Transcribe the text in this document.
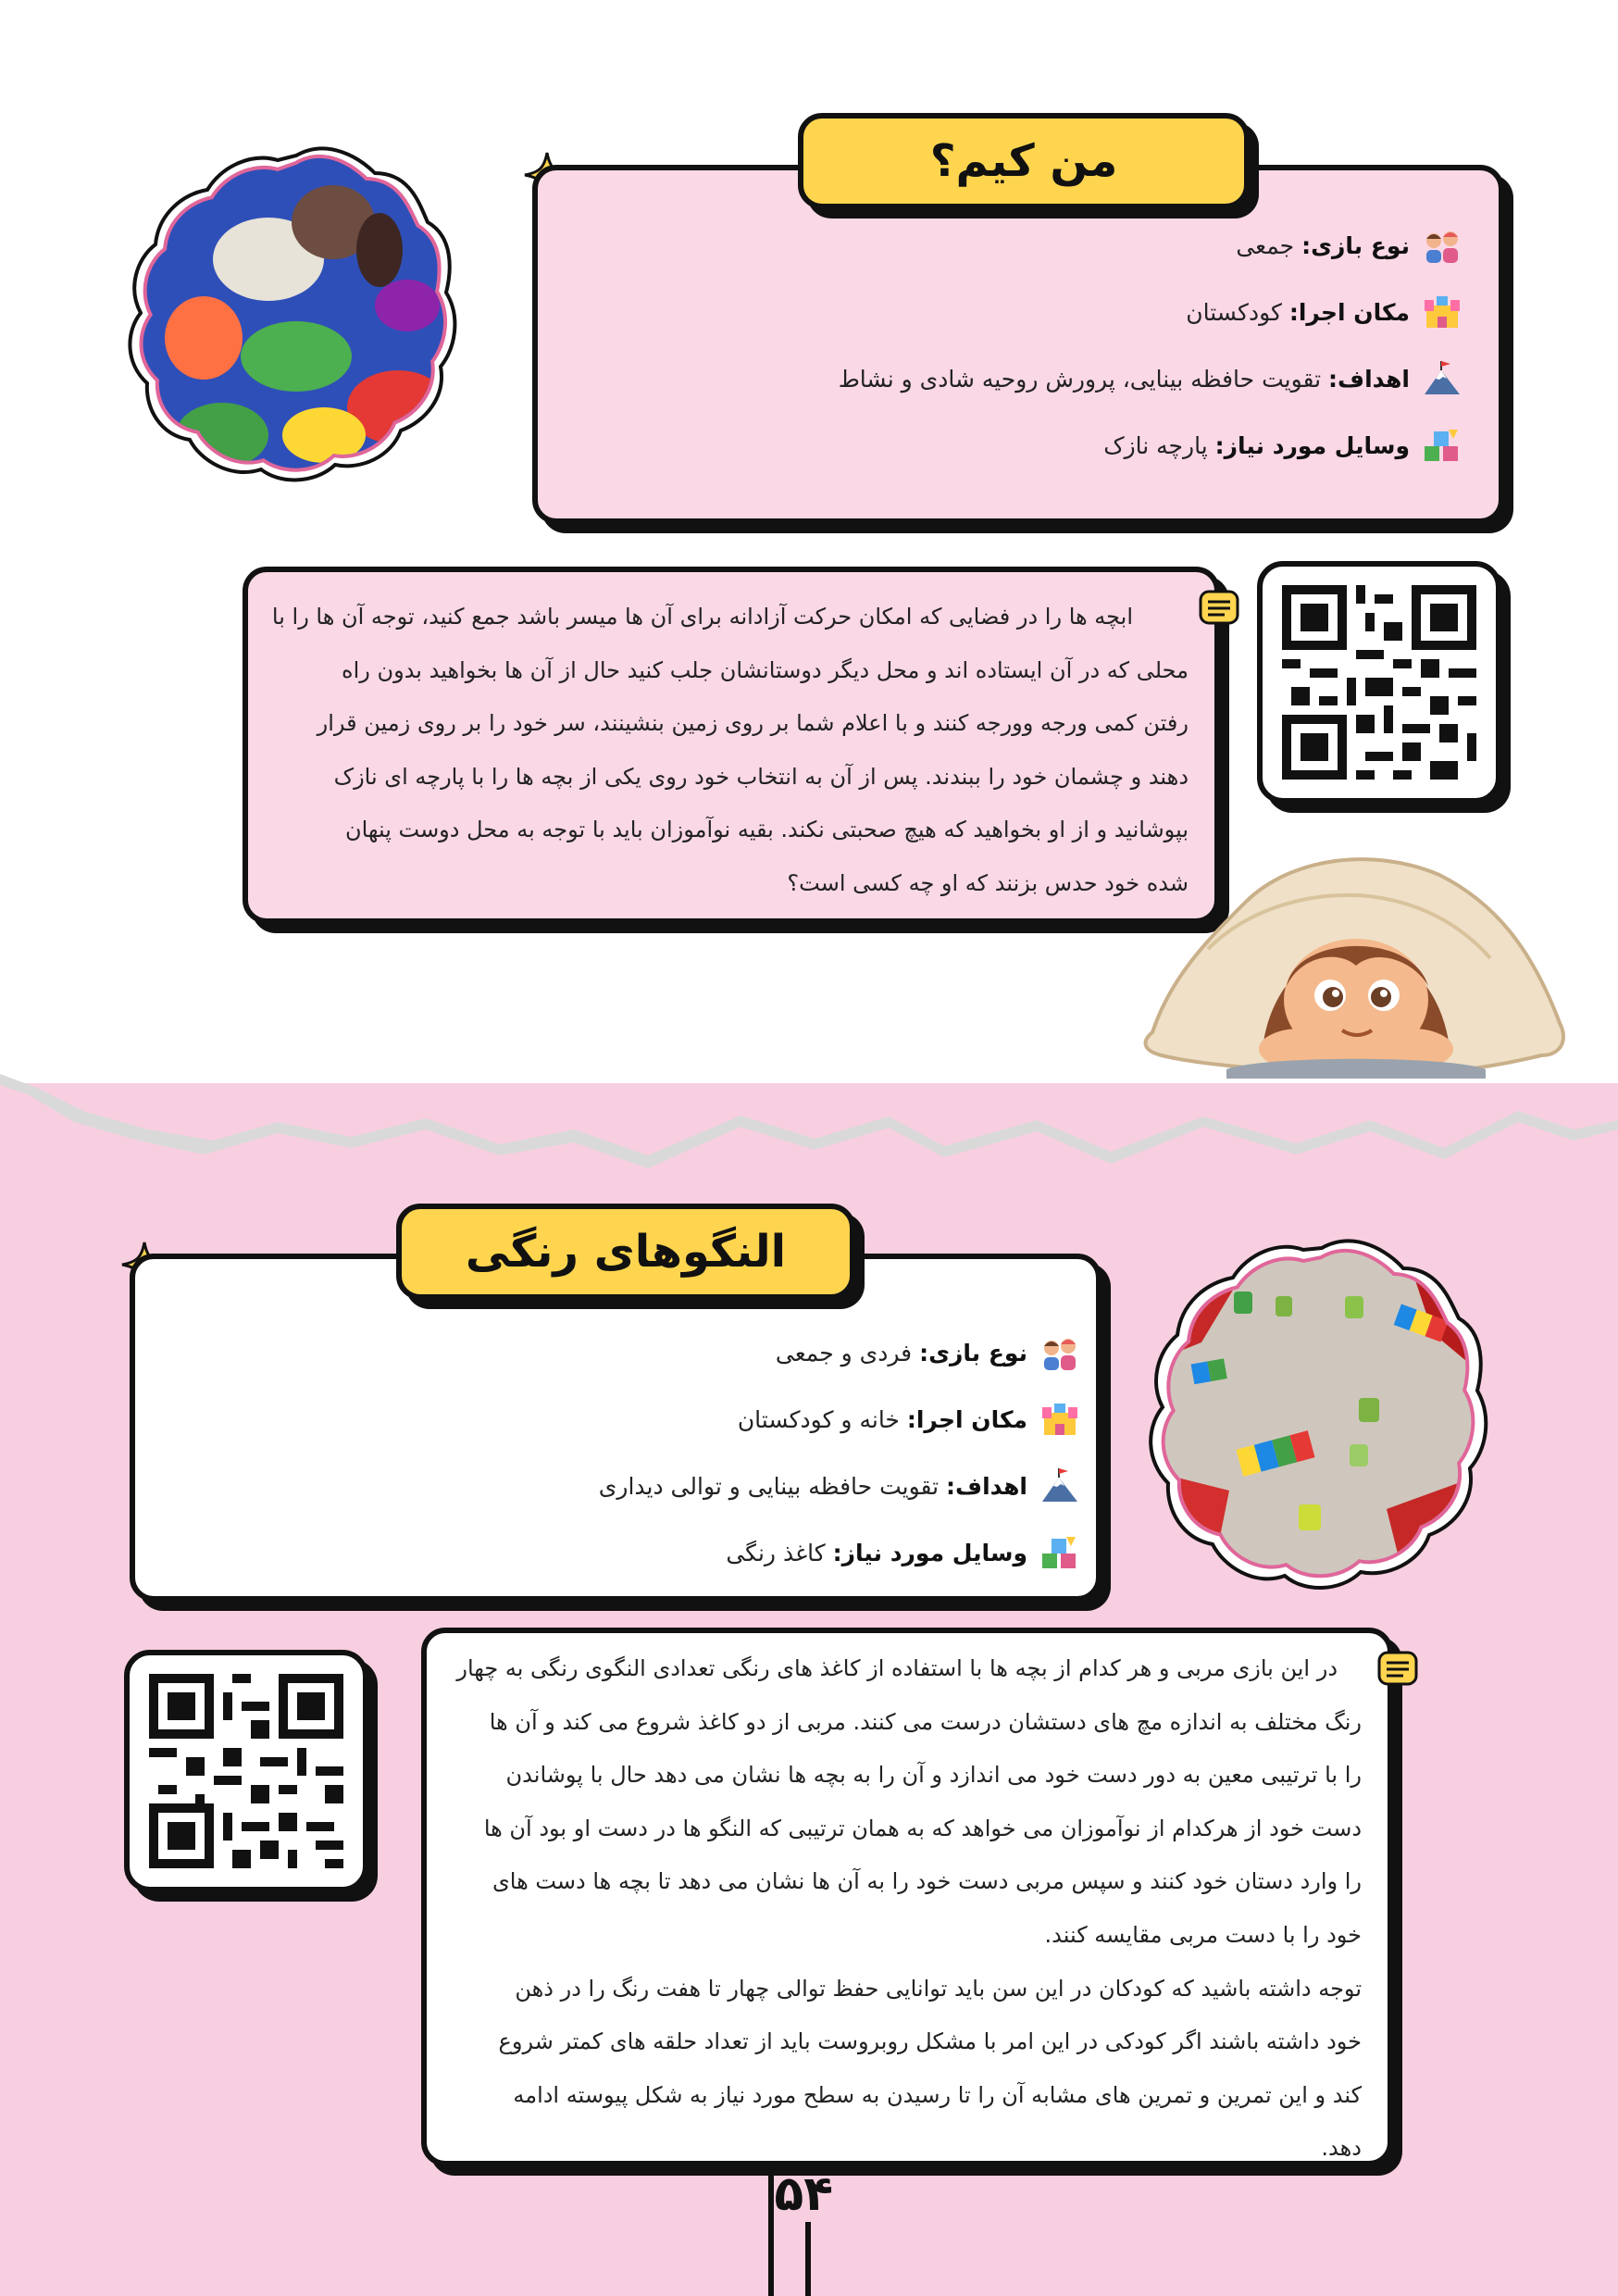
نوع بازی: جمعی
مکان اجرا: کودکستان
اهداف: تقویت حافظه بینایی، پرورش روحیه شادی و نشاط
وسایل مورد نیاز: پارچه نازک
من کیم؟
ابچه ها را در فضایی که امکان حرکت آزادانه برای آن ها میسر باشد جمع کنید، توجه آن ها را با
محلی که در آن ایستاده اند و محل دیگر دوستانشان جلب کنید حال از آن ها بخواهید بدون راه
رفتن کمی ورجه وورجه کنند و با اعلام شما بر روی زمین بنشینند، سر خود را بر روی زمین قرار
دهند و چشمان خود را ببندند. پس از آن به انتخاب خود روی یکی از بچه ها را با پارچه ای نازک
بپوشانید و از او بخواهید که هیچ صحبتی نکند. بقیه نوآموزان باید با توجه به محل دوست پنهان
شده خود حدس بزنند که او چه کسی است؟
نوع بازی: فردی و جمعی
مکان اجرا: خانه و کودکستان
اهداف: تقویت حافظه بینایی و توالی دیداری
وسایل مورد نیاز: کاغذ رنگی
النگوهای رنگی
در این بازی مربی و هر کدام از بچه ها با استفاده از کاغذ های رنگی تعدادی النگوی رنگی به چهار
رنگ مختلف به اندازه مچ های دستشان درست می کنند. مربی از دو کاغذ شروع می کند و آن ها
را با ترتیبی معین به دور دست خود می اندازد و آن را به بچه ها نشان می دهد حال با پوشاندن
دست خود از هرکدام از نوآموزان می خواهد که به همان ترتیبی که النگو ها در دست او بود آن ها
را وارد دستان خود کنند و سپس مربی دست خود را به آن ها نشان می دهد تا بچه ها دست های
خود را با دست مربی مقایسه کنند.
توجه داشته باشید که کودکان در این سن باید توانایی حفظ توالی چهار تا هفت رنگ را در ذهن
خود داشته باشند اگر کودکی در این امر با مشکل روبروست باید از تعداد حلقه های کمتر شروع
کند و این تمرین و تمرین های مشابه آن را تا رسیدن به سطح مورد نیاز به شکل پیوسته ادامه
دهد.
۵۴
